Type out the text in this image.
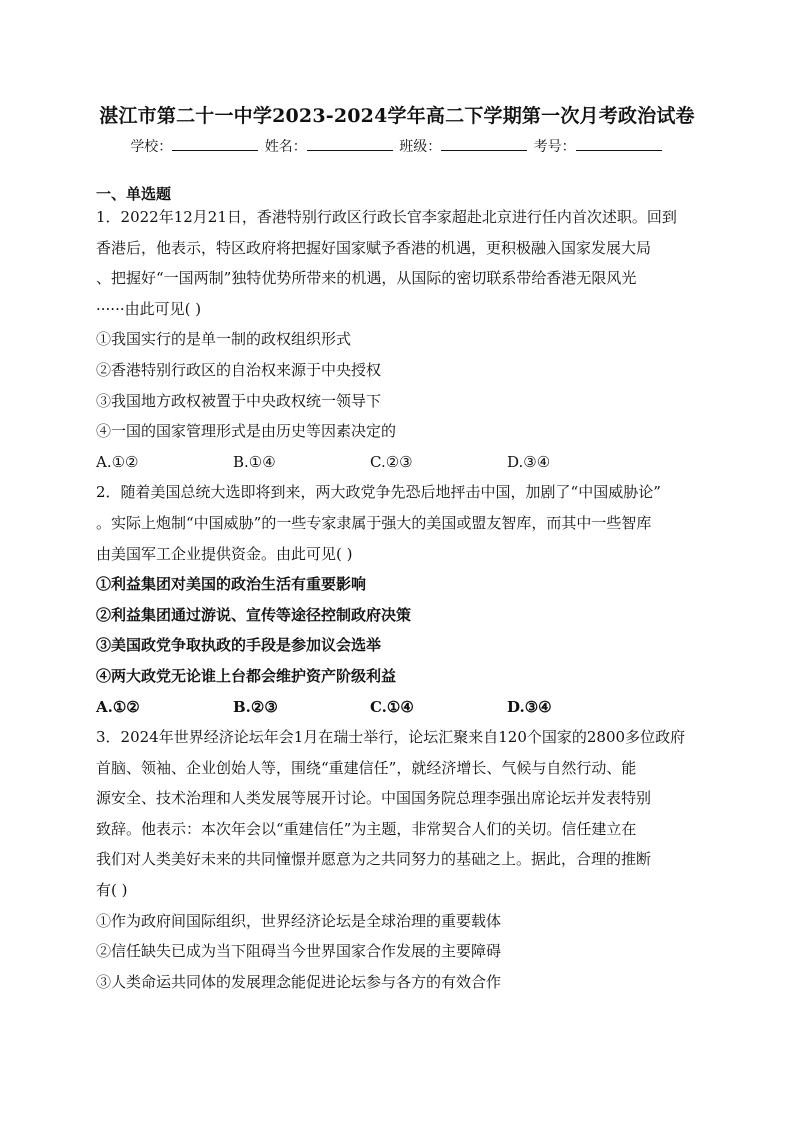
湛江市第二十一中学2023-2024学年高二下学期第一次月考政治试卷
学校：	姓名：	班级：	考号：
一、单选题
1．2022年12月21日，香港特别行政区行政长官李家超赴北京进行任内首次述职。回到
香港后，他表示，特区政府将把握好国家赋予香港的机遇，更积极融入国家发展大局
、把握好“一国两制”独特优势所带来的机遇，从国际的密切联系带给香港无限风光
······由此可见( )
①我国实行的是单一制的政权组织形式
②香港特别行政区的自治权来源于中央授权
③我国地方政权被置于中央政权统一领导下
④一国的国家管理形式是由历史等因素决定的
A.①②	B.①④	C.②③	D.③④
2．随着美国总统大选即将到来，两大政党争先恐后地抨击中国，加剧了“中国威胁论”
。实际上炮制“中国威胁”的一些专家隶属于强大的美国或盟友智库，而其中一些智库
由美国军工企业提供资金。由此可见( )
①利益集团对美国的政治生活有重要影响
②利益集团通过游说、宣传等途径控制政府决策
③美国政党争取执政的手段是参加议会选举
④两大政党无论谁上台都会维护资产阶级利益
A.①②	B.②③	C.①④	D.③④
3．2024年世界经济论坛年会1月在瑞士举行，论坛汇聚来自120个国家的2800多位政府
首脑、领袖、企业创始人等，围绕“重建信任”，就经济增长、气候与自然行动、能
源安全、技术治理和人类发展等展开讨论。中国国务院总理李强出席论坛并发表特别
致辞。他表示：本次年会以“重建信任”为主题，非常契合人们的关切。信任建立在
我们对人类美好未来的共同憧憬并愿意为之共同努力的基础之上。据此，合理的推断
有( )
①作为政府间国际组织，世界经济论坛是全球治理的重要载体
②信任缺失已成为当下阻碍当今世界国家合作发展的主要障碍
③人类命运共同体的发展理念能促进论坛参与各方的有效合作
